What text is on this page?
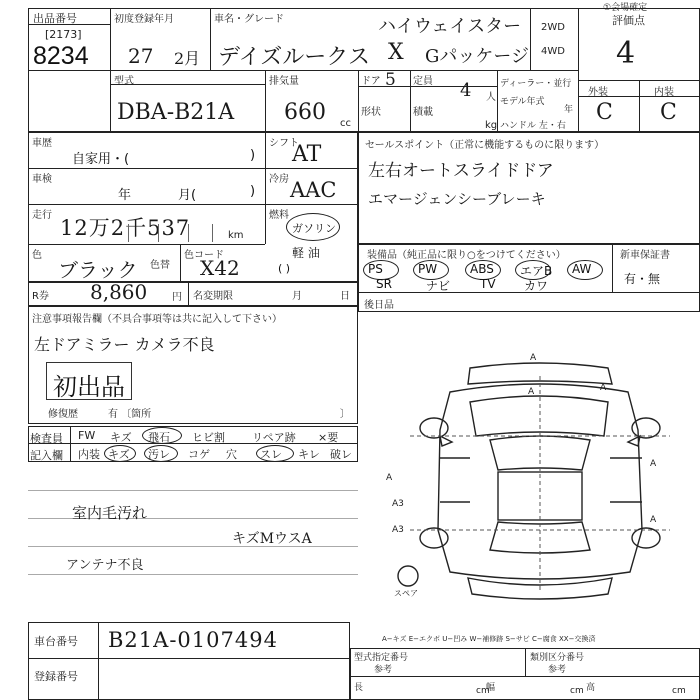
出品番号
[2173]
8234
初度登録年月
27 2月
車名・グレード	ハイウェイスター
デイズルークス X Gパッケージ
2WD
4WD
①会場確定
評価点
4
外装	内装
C C
型式
DBA-B21A
排気量
660 cc
ドア 5 定員 4 人
形状	積載
kg
ディーラー・並行
モデル年式
年
ハンドル 左・右
車歴
自家用・(	)
シフト
AT
車検
年	月(	)
冷房 AAC
走行
12万2千537	km
燃料
ガソリン
軽 油
( )
色
ブラック 色替
色コード
X42
セールスポイント（正常に機能するものに限ります）
左右オートスライドドア
エマージェンシーブレーキ
装備品（純正品に限り○をつけてください）	新車保証書
有・無
後日品
PS	PW	ABS エアB AW
SR	ナビ TV カワ
R券 8,860 円 名変期限	月	日
注意事項報告欄（不具合事項等は共に記入して下さい）
左ドアミラー カメラ不良
初出品
修復歴	有 〔箇所	〕
検査員
記入欄
FW キズ 飛石 ヒビ割 リペア跡 ×要
内装 キズ 汚レ コゲ 穴 スレ キレ 破レ
室内毛汚れ
キズMウスA
アンテナ不良
A
A	A
A
A3
A3
A
A
スペア
A−キズ E−エクボ U−凹み W−補修跡 S−サビ C−腐食 XX−交換済
車台番号 B21A-0107494
登録番号
型式指定番号
参考
類別区分番号
参考
長	cm
幅	cm 高	cm
